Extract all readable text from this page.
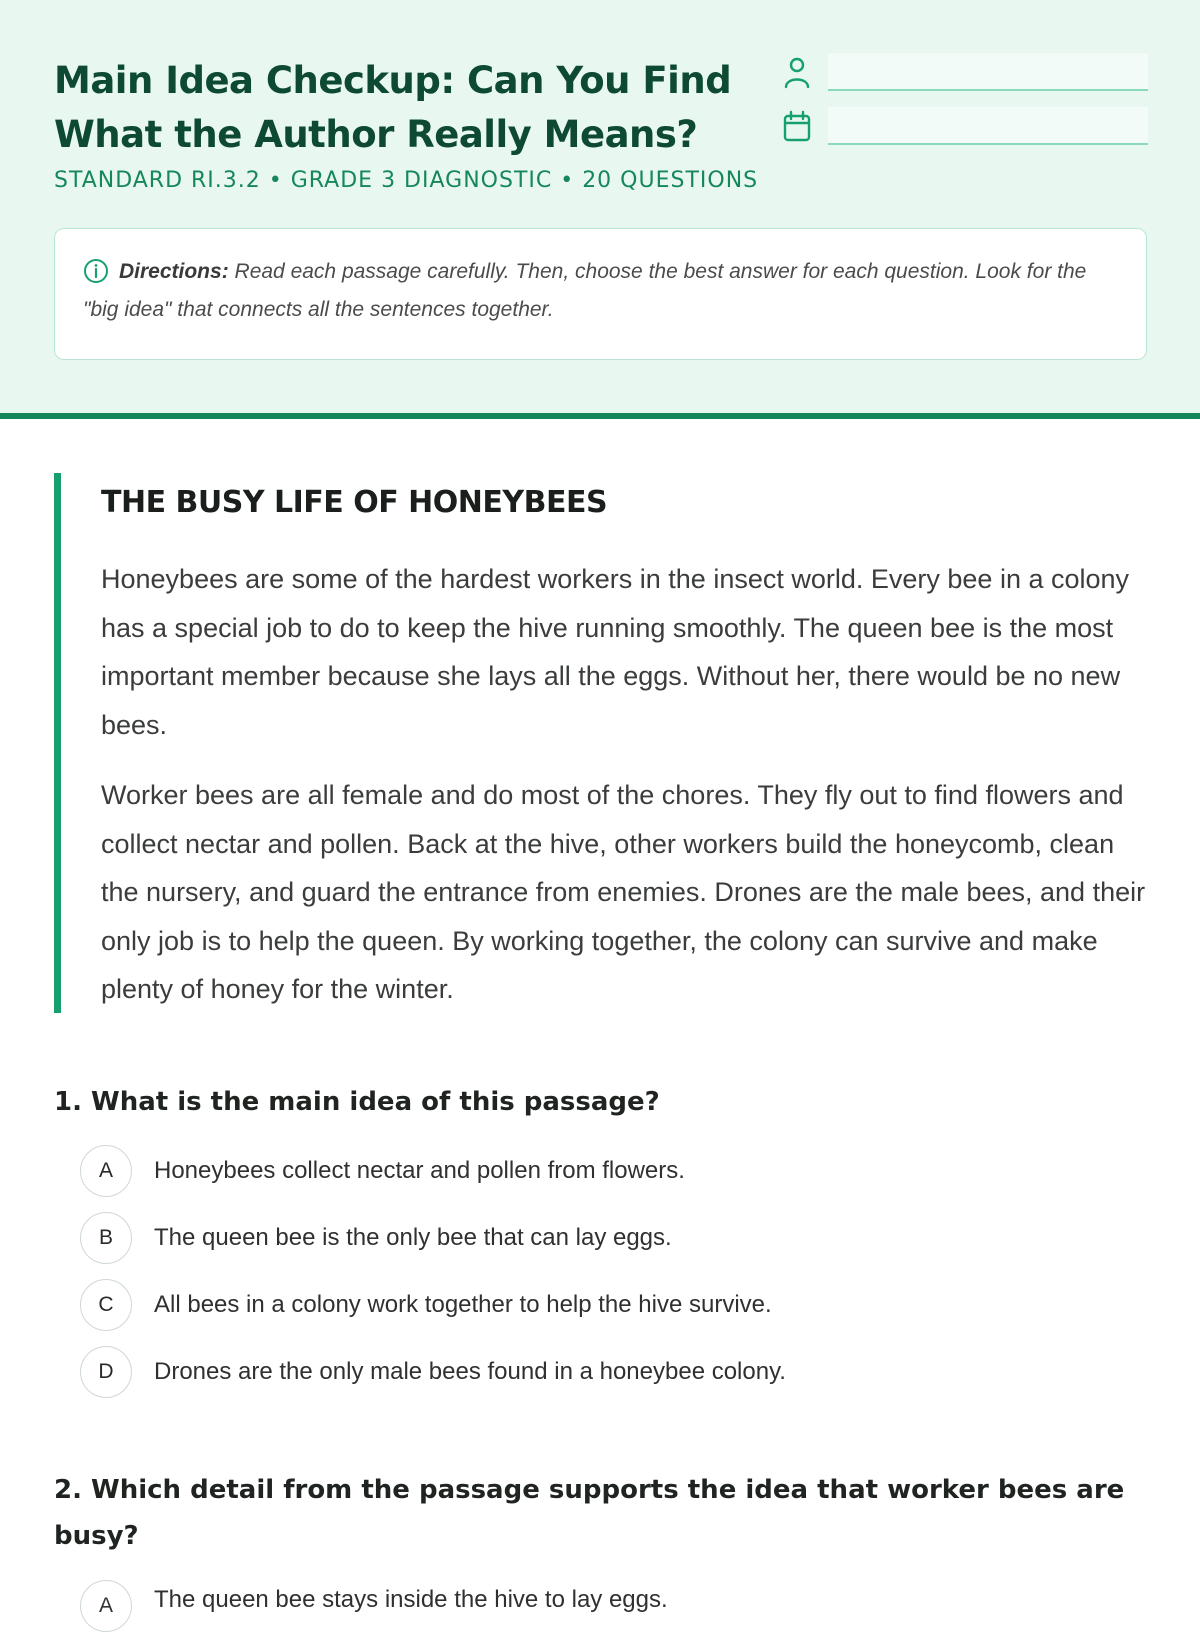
Main Idea Checkup: Can You Find What the Author Really Means?
STANDARD RI.3.2 • GRADE 3 DIAGNOSTIC • 20 QUESTIONS
Directions: Read each passage carefully. Then, choose the best answer for each question. Look for the "big idea" that connects all the sentences together.
THE BUSY LIFE OF HONEYBEES

Honeybees are some of the hardest workers in the insect world. Every bee in a colony has a special job to do to keep the hive running smoothly. The queen bee is the most important member because she lays all the eggs. Without her, there would be no new bees.

Worker bees are all female and do most of the chores. They fly out to find flowers and collect nectar and pollen. Back at the hive, other workers build the honeycomb, clean the nursery, and guard the entrance from enemies. Drones are the male bees, and their only job is to help the queen. By working together, the colony can survive and make plenty of honey for the winter.

1. What is the main idea of this passage?
A	Honeybees collect nectar and pollen from flowers.
B	The queen bee is the only bee that can lay eggs.
C	All bees in a colony work together to help the hive survive.
D	Drones are the only male bees found in a honeybee colony.
2. Which detail from the passage supports the idea that worker bees are busy?
A	The queen bee stays inside the hive to lay eggs.
